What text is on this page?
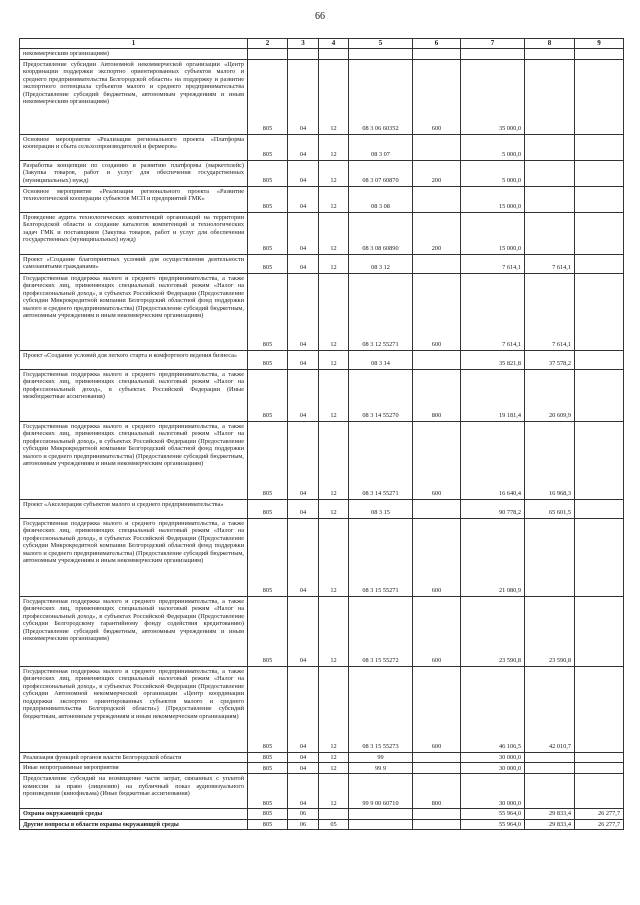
66
1	2	3	4	5	6	7	8	9
некоммерческим организациям)								
Предоставление субсидии Автономной некоммерческой организации «Центр координации поддержки экспортно ориентированных субъектов малого и среднего предпринимательства Белгородской области» на поддержку и развитие экспортного потенциала субъектов малого и среднего предпринимательства (Предоставление субсидий бюджетным, автономным учреждениям и иным некоммерческим организациям)	805	04	12	08 3 06 60352	600	35 000,0		
Основное мероприятие «Реализация регионального проекта «Платформа кооперации и сбыта сельхозпроизводителей и фермеров»	805	04	12	08 3 07		5 000,0		
Разработка концепции по созданию и развитию платформы (маркетплейс) (Закупка товаров, работ и услуг для обеспечения государственных (муниципальных) нужд)	805	04	12	08 3 07 60870	200	5 000,0		
Основное мероприятие «Реализация регионального проекта «Развитие технологической кооперации субъектов МСП и предприятий ГМК»	805	04	12	08 3 08		15 000,0		
Проведение аудита технологических компетенций организаций на территории Белгородской области и создание каталогов компетенций и технологических задач ГМК и поставщиков (Закупка товаров, работ и услуг для обеспечения государственных (муниципальных) нужд)	805	04	12	08 3 08 60890	200	15 000,0		
Проект «Создание благоприятных условий для осуществления деятельности самозанятыми гражданами»	805	04	12	08 3 12		7 614,1	7 614,1	
Государственная поддержка малого и среднего предпринимательства, а также физических лиц, применяющих специальный налоговый режим «Налог на профессиональный доход», в субъектах Российской Федерации (Предоставление субсидии Микрокредитной компании Белгородский областной фонд поддержки малого и среднего предпринимательства) (Предоставление субсидий бюджетным, автономным учреждениям и иным некоммерческим организациям)	805	04	12	08 3 12 55271	600	7 614,1	7 614,1	
Проект «Создание условий для легкого старта и комфортного ведения бизнеса»	805	04	12	08 3 14		35 821,8	37 578,2	
Государственная поддержка малого и среднего предпринимательства, а также физических лиц, применяющих специальный налоговый режим «Налог на профессиональный доход», в субъектах Российской Федерации (Иные межбюджетные ассигнования)	805	04	12	08 3 14 55270	800	19 181,4	20 609,9	
Государственная поддержка малого и среднего предпринимательства, а также физических лиц, применяющих специальный налоговый режим «Налог на профессиональный доход», в субъектах Российской Федерации (Предоставление субсидии Микрокредитной компании Белгородский областной фонд поддержки малого и среднего предпринимательства) (Предоставление субсидий бюджетным, автономным учреждениям и иным некоммерческим организациям)	805	04	12	08 3 14 55271	600	16 640,4	16 968,3	
Проект «Акселерация субъектов малого и среднего предпринимательства»	805	04	12	08 3 15		90 778,2	65 601,5	
Государственная поддержка малого и среднего предпринимательства, а также физических лиц, применяющих специальный налоговый режим «Налог на профессиональный доход», в субъектах Российской Федерации (Предоставление субсидии Микрокредитной компании Белгородский областной фонд поддержки малого и среднего предпринимательства) (Предоставление субсидий бюджетным, автономным учреждениям и иным некоммерческим организациям)	805	04	12	08 3 15 55271	600	21 080,9		
Государственная поддержка малого и среднего предпринимательства, а также физических лиц, применяющих специальный налоговый режим «Налог на профессиональный доход», в субъектах Российской Федерации (Предоставление субсидии Белгородскому гарантийному фонду содействия кредитованию) (Предоставление субсидий бюджетным, автономным учреждениям и иным некоммерческим организациям)	805	04	12	08 3 15 55272	600	23 590,8	23 590,8	
Государственная поддержка малого и среднего предпринимательства, а также физических лиц, применяющих специальный налоговый режим «Налог на профессиональный доход», в субъектах Российской Федерации (Предоставление субсидии Автономной некоммерческой организации «Центр координации поддержки экспортно ориентированных субъектов малого и среднего предпринимательства Белгородской области») (Предоставление субсидий бюджетным, автономным учреждениям и иным некоммерческим организациям)	805	04	12	08 3 15 55273	600	46 106,5	42 010,7	
Реализация функций органов власти Белгородской области	805	04	12	99		30 000,0		
Иные непрограммные мероприятия	805	04	12	99 9		30 000,0		
Предоставление субсидий на возмещение части затрат, связанных с уплатой комиссии за право (лицензию) на публичный показ аудиовизуального произведения (кинофильма) (Иные бюджетные ассигнования)	805	04	12	99 9 00 60710	800	30 000,0		
Охрана окружающей среды	805	06				55 964,0	29 833,4	26 277,7
Другие вопросы в области охраны окружающей среды	805	06	05			55 964,0	29 833,4	26 277,7
